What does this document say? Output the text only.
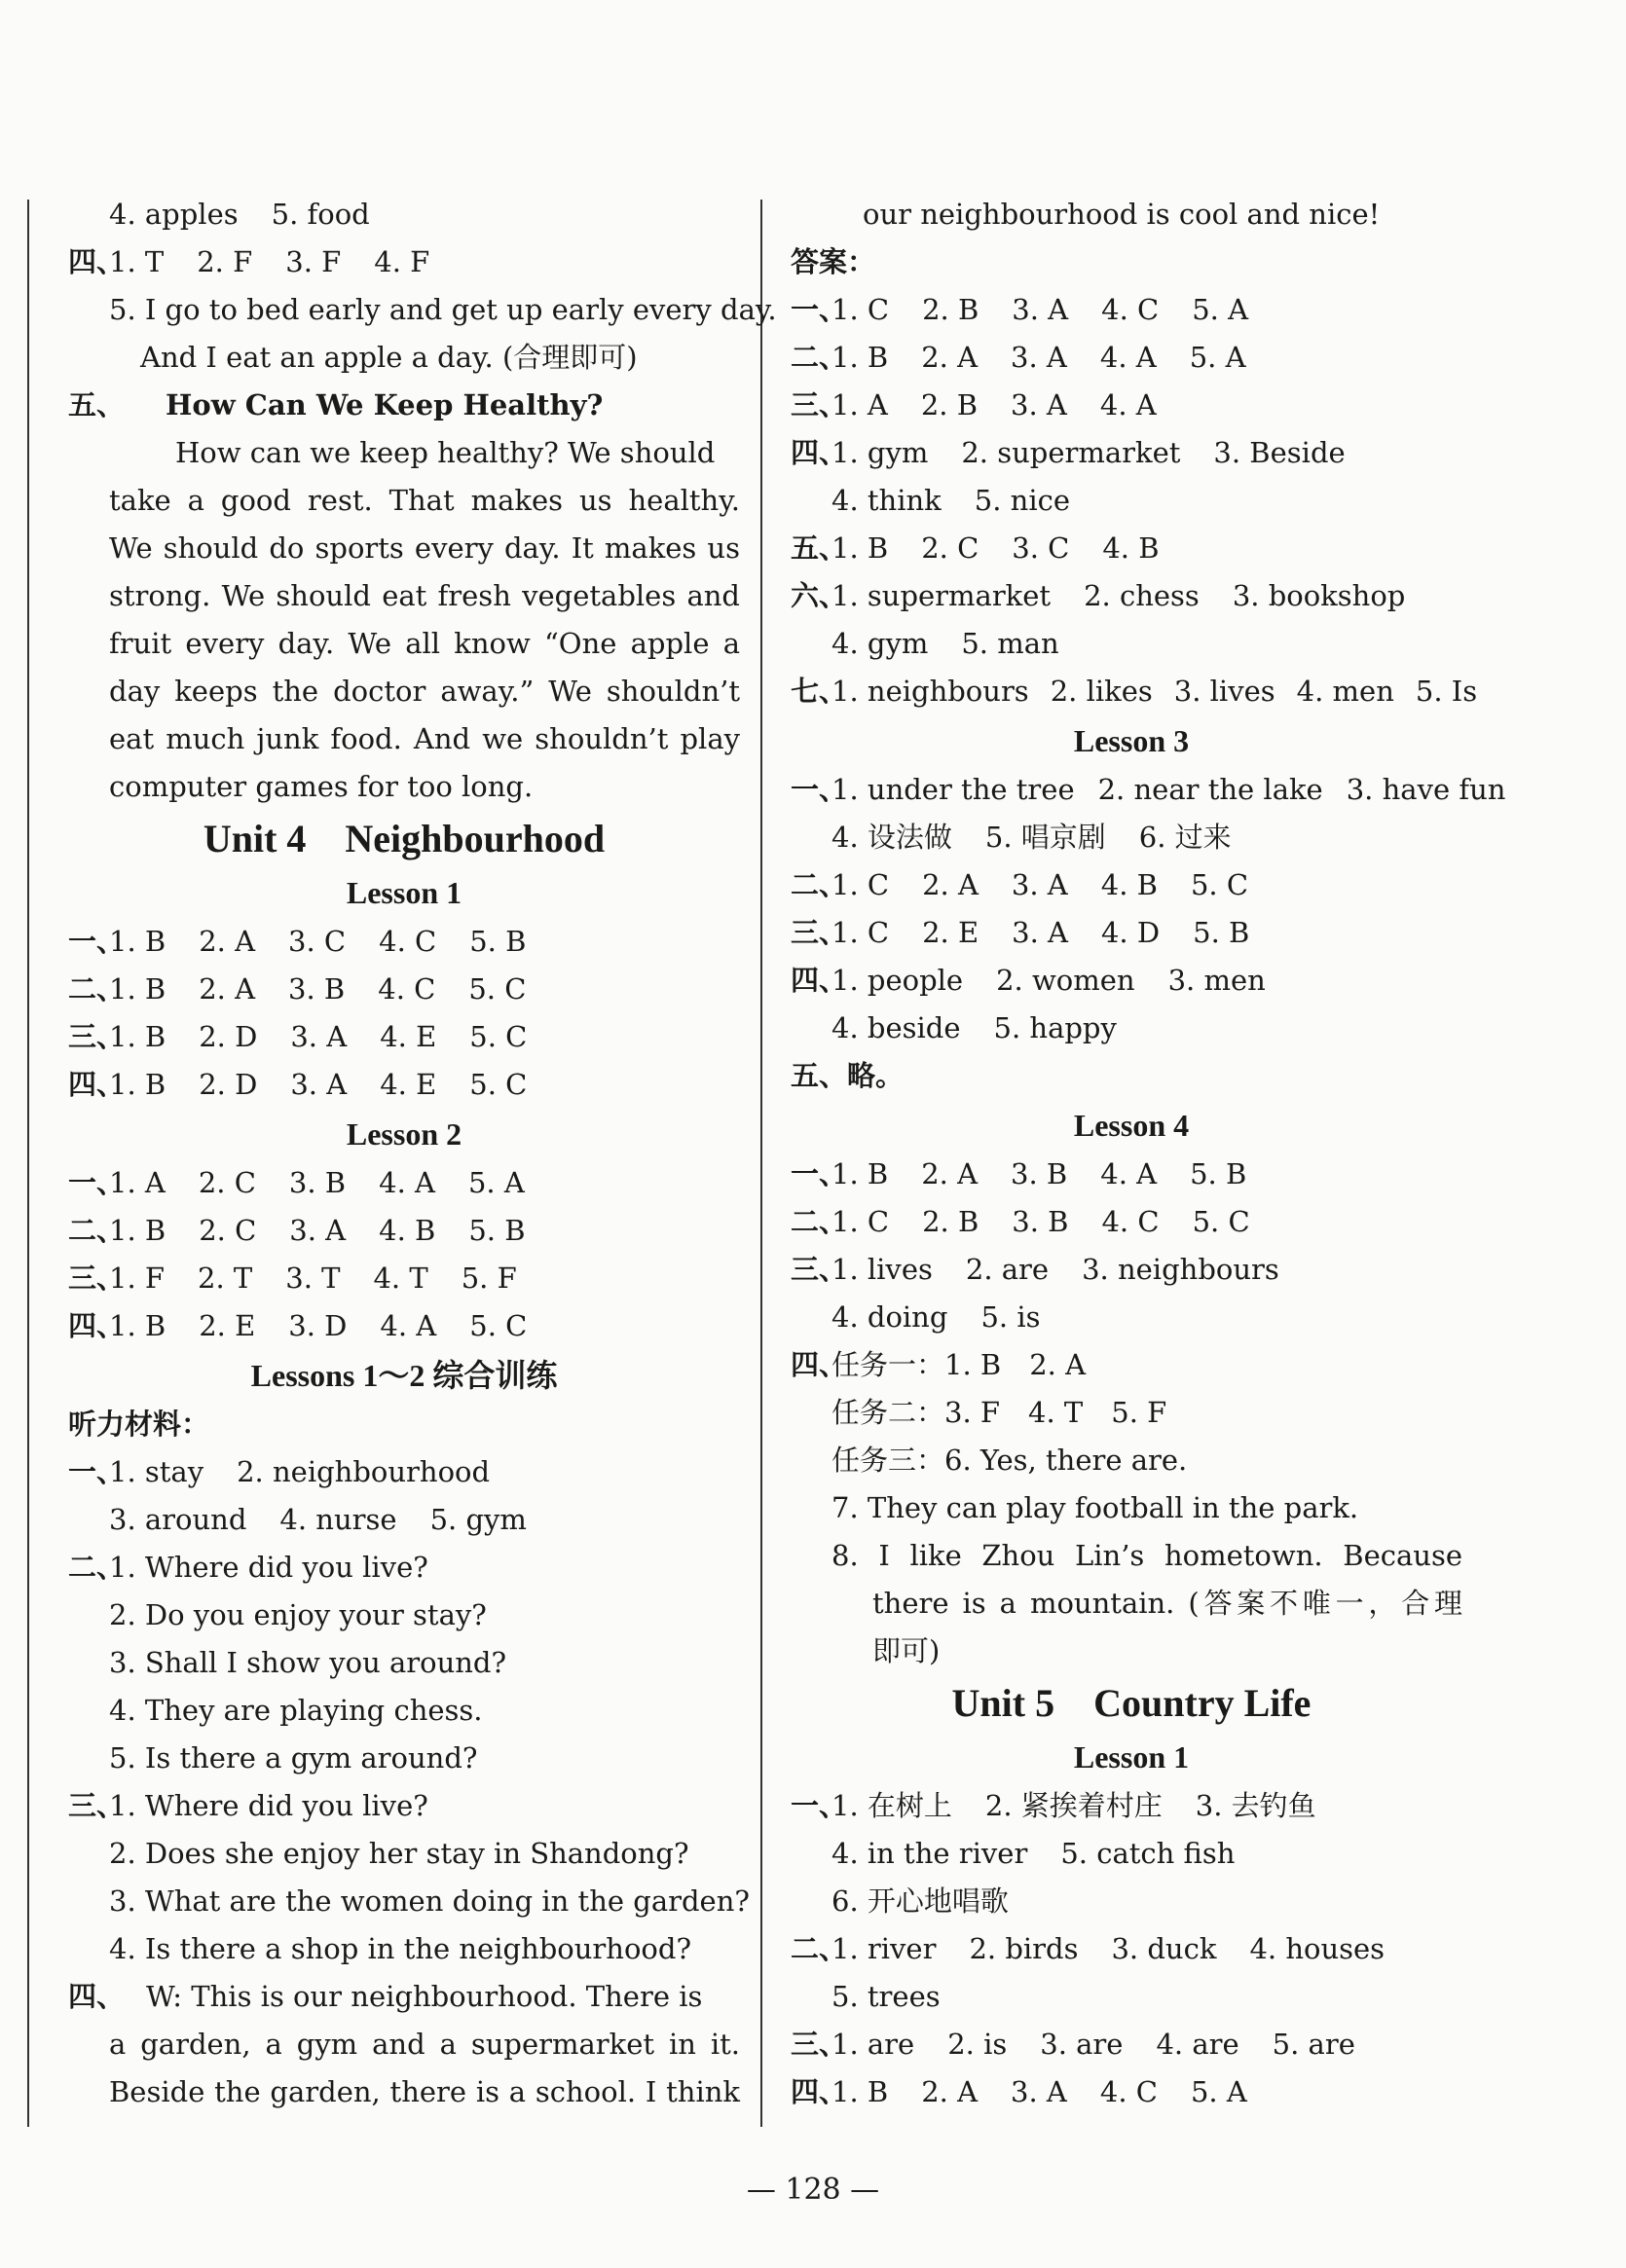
4. apples 5. food
四、1. T 2. F 3. F 4. F
5. I go to bed early and get up early every day.
And I eat an apple a day. (合理即可)
五、 How Can We Keep Healthy?
How can we keep healthy? We should
take a good rest. That makes us healthy.
We should do sports every day. It makes us
strong. We should eat fresh vegetables and
fruit every day. We all know “One apple a
day keeps the doctor away.” We shouldn’t
eat much junk food. And we shouldn’t play
computer games for too long.
Unit 4 Neighbourhood
Lesson 1
一、1. B 2. A 3. C 4. C 5. B
二、1. B 2. A 3. B 4. C 5. C
三、1. B 2. D 3. A 4. E 5. C
四、1. B 2. D 3. A 4. E 5. C
Lesson 2
一、1. A 2. C 3. B 4. A 5. A
二、1. B 2. C 3. A 4. B 5. B
三、1. F 2. T 3. T 4. T 5. F
四、1. B 2. E 3. D 4. A 5. C
Lessons 1～2 综合训练
听力材料：
一、1. stay 2. neighbourhood
3. around 4. nurse 5. gym
二、1. Where did you live?
2. Do you enjoy your stay?
3. Shall I show you around?
4. They are playing chess.
5. Is there a gym around?
三、1. Where did you live?
2. Does she enjoy her stay in Shandong?
3. What are the women doing in the garden?
4. Is there a shop in the neighbourhood?
四、 W: This is our neighbourhood. There is
a garden, a gym and a supermarket in it.
Beside the garden, there is a school. I think
our neighbourhood is cool and nice!
答案：
一、1. C 2. B 3. A 4. C 5. A
二、1. B 2. A 3. A 4. A 5. A
三、1. A 2. B 3. A 4. A
四、1. gym 2. supermarket 3. Beside
4. think 5. nice
五、1. B 2. C 3. C 4. B
六、1. supermarket 2. chess 3. bookshop
4. gym 5. man
七、1. neighbours 2. likes 3. lives 4. men 5. Is
Lesson 3
一、1. under the tree 2. near the lake 3. have fun
4. 设法做 5. 唱京剧 6. 过来
二、1. C 2. A 3. A 4. B 5. C
三、1. C 2. E 3. A 4. D 5. B
四、1. people 2. women 3. men
4. beside 5. happy
五、略。
Lesson 4
一、1. B 2. A 3. B 4. A 5. B
二、1. C 2. B 3. B 4. C 5. C
三、1. lives 2. are 3. neighbours
4. doing 5. is
四、任务一：1. B 2. A
任务二：3. F 4. T 5. F
任务三：6. Yes, there are.
7. They can play football in the park.
8. I like Zhou Lin’s hometown. Because
there is a mountain. (答案不唯一，合理
即可)
Unit 5 Country Life
Lesson 1
一、1. 在树上 2. 紧挨着村庄 3. 去钓鱼
4. in the river 5. catch fish
6. 开心地唱歌
二、1. river 2. birds 3. duck 4. houses
5. trees
三、1. are 2. is 3. are 4. are 5. are
四、1. B 2. A 3. A 4. C 5. A
— 128 —
